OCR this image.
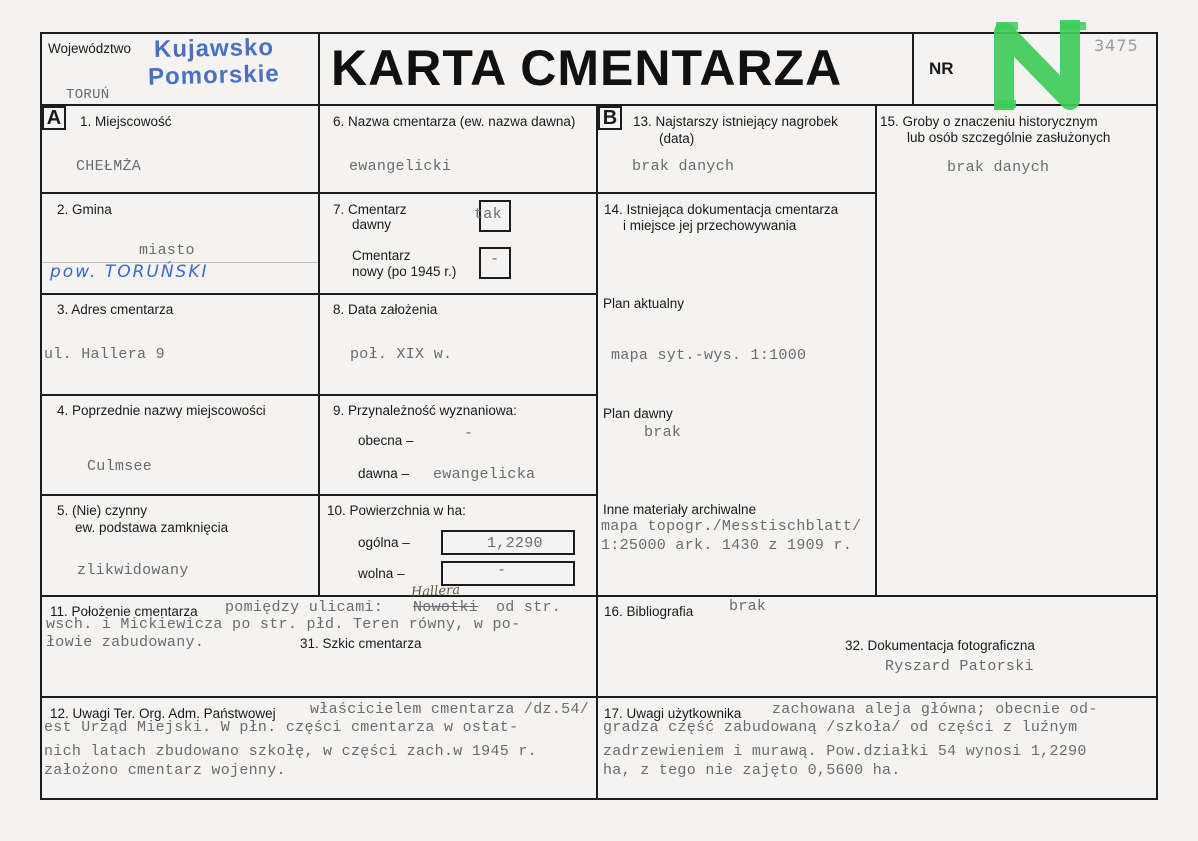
Województwo Kujawsko
Pomorskie
TORUŃ	KARTA CMENTARZA	NR
3475
A	1. Miejscowość
CHEŁMŻA
6. Nazwa cmentarza (ew. nazwa dawna)
ewangelicki
B	13. Najstarszy istniejący nagrobek
(data)
brak danych
15. Groby o znaczeniu historycznym
lub osób szczególnie zasłużonych
brak danych
2. Gmina
miasto
pow. TORUŃSKI
7. Cmentarz
dawny
tak
Cmentarz
nowy (po 1945 r.)
-
14. Istniejąca dokumentacja cmentarza
i miejsce jej przechowywania
3. Adres cmentarza
ul. Hallera 9
8. Data założenia
poł. XIX w.
Plan aktualny
mapa syt.-wys. 1:1000
4. Poprzednie nazwy miejscowości
Culmsee
9. Przynależność wyznaniowa:
obecna –	-
dawna – ewangelicka
Plan dawny
brak
5. (Nie) czynny
ew. podstawa zamknięcia
zlikwidowany
10. Powierzchnia w ha:
ogólna –	1,2290
wolna –	-
Inne materiały archiwalne
mapa topogr./Messtischblatt/
1:25000 ark. 1430 z 1909 r.
11. Położenie cmentarza pomiędzy ulicami: Nowotki od str.
Hallera
wsch. i Mickiewicza po str. płd. Teren równy, w po-
łowie zabudowany.	31. Szkic cmentarza
16. Bibliografia brak
32. Dokumentacja fotograficzna
Ryszard Patorski
12. Uwagi Ter. Org. Adm. Państwowej właścicielem cmentarza /dz.54/
est Urząd Miejski. W płn. części cmentarza w ostat-
nich latach zbudowano szkołę, w części zach.w 1945 r.
założono cmentarz wojenny.
17. Uwagi użytkownika zachowana aleja główna; obecnie od-
gradza część zabudowaną /szkoła/ od części z luźnym
zadrzewieniem i murawą. Pow.działki 54 wynosi 1,2290
ha, z tego nie zajęto 0,5600 ha.
